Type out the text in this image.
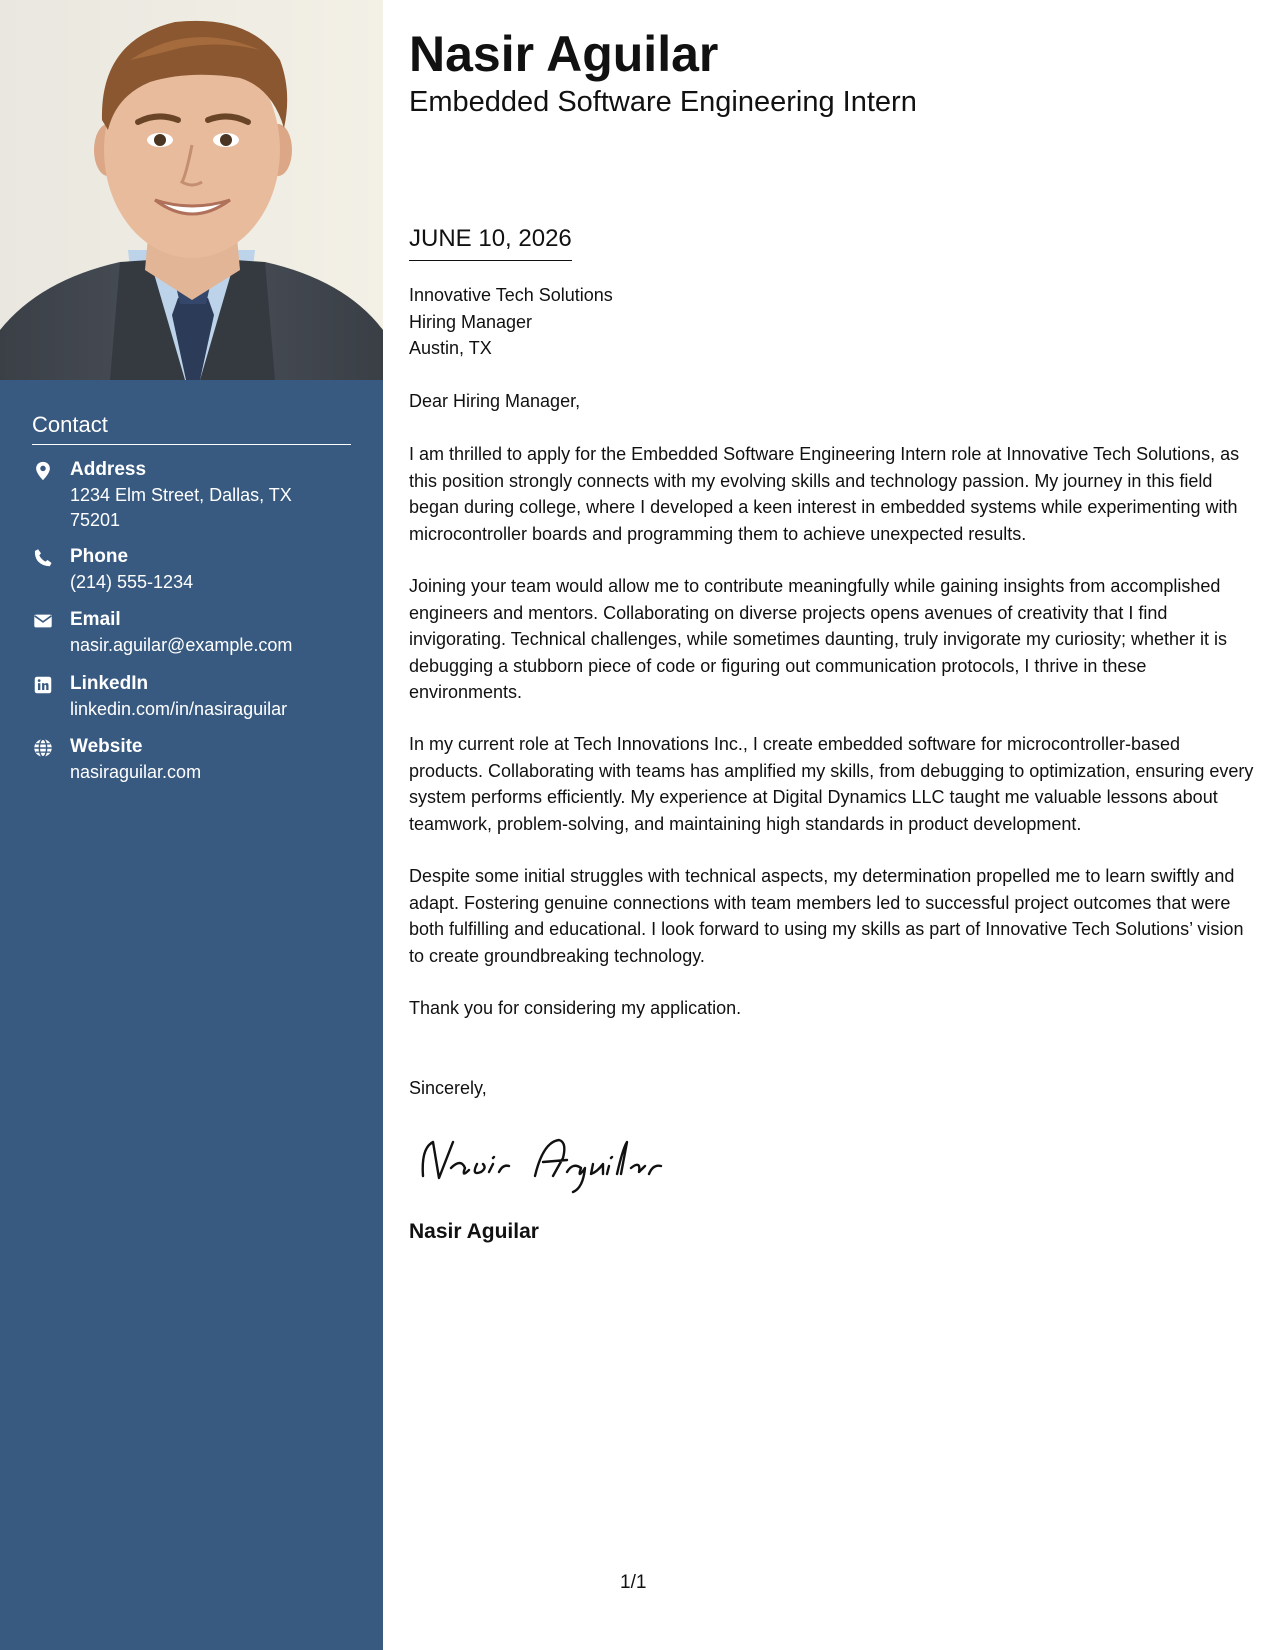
Contact
Address
1234 Elm Street, Dallas, TX 75201
Phone
(214) 555-1234
Email
nasir.aguilar@example.com
LinkedIn
linkedin.com/in/nasiraguilar
Website
nasiraguilar.com
Nasir Aguilar
Embedded Software Engineering Intern
JUNE 10, 2026
Innovative Tech Solutions
Hiring Manager
Austin, TX
Dear Hiring Manager,
I am thrilled to apply for the Embedded Software Engineering Intern role at Innovative Tech Solutions, as this position strongly connects with my evolving skills and technology passion. My journey in this field began during college, where I developed a keen interest in embedded systems while experimenting with microcontroller boards and programming them to achieve unexpected results.
Joining your team would allow me to contribute meaningfully while gaining insights from accomplished engineers and mentors. Collaborating on diverse projects opens avenues of creativity that I find invigorating. Technical challenges, while sometimes daunting, truly invigorate my curiosity; whether it is debugging a stubborn piece of code or figuring out communication protocols, I thrive in these environments.
In my current role at Tech Innovations Inc., I create embedded software for microcontroller-based products. Collaborating with teams has amplified my skills, from debugging to optimization, ensuring every system performs efficiently. My experience at Digital Dynamics LLC taught me valuable lessons about teamwork, problem-solving, and maintaining high standards in product development.
Despite some initial struggles with technical aspects, my determination propelled me to learn swiftly and adapt. Fostering genuine connections with team members led to successful project outcomes that were both fulfilling and educational. I look forward to using my skills as part of Innovative Tech Solutions’ vision to create groundbreaking technology.
Thank you for considering my application.
Sincerely,
Nasir Aguilar
1/1
